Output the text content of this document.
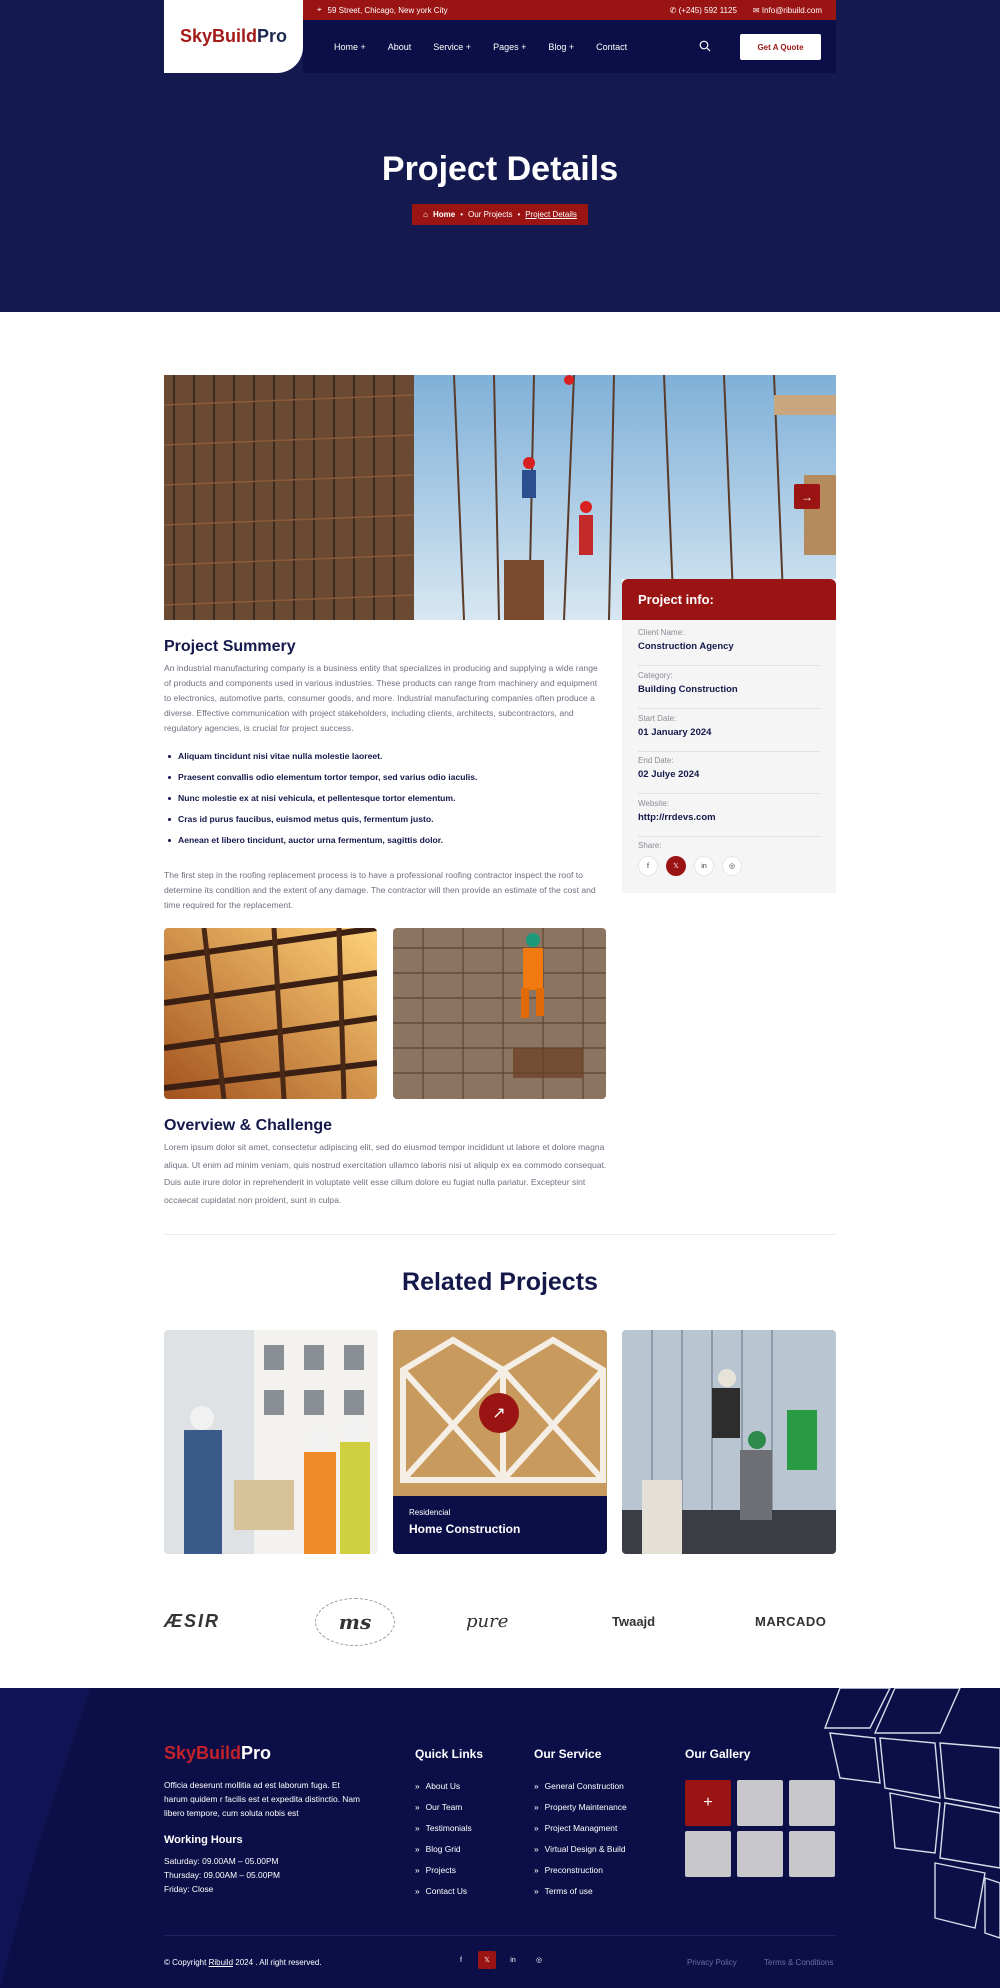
SkyBuildPro
⌖ 59 Street, Chicago, New york City	✆ (+245) 592 1125 ✉ Info@ribuild.com
Home + About Service + Pages + Blog + Contact	Get A Quote
Project Details
⌂ Home • Our Projects • Project Details
→
Project info:
Client Name:
Construction Agency
Category:
Building Construction
Start Date:
01 January 2024
End Date:
02 Julye 2024
Website:
http://rrdevs.com
Share:
f	𝕏	in	◎
Project Summery

An industrial manufacturing company is a business entity that specializes in producing and supplying a wide range of products and components used in various industries. These products can range from machinery and equipment to electronics, automotive parts, consumer goods, and more. Industrial manufacturing companies often produce a diverse. Effective communication with project stakeholders, including clients, architects, subcontractors, and regulatory agencies, is crucial for project success.

Aliquam tincidunt nisi vitae nulla molestie laoreet.
Praesent convallis odio elementum tortor tempor, sed varius odio iaculis.
Nunc molestie ex at nisi vehicula, et pellentesque tortor elementum.
Cras id purus faucibus, euismod metus quis, fermentum justo.
Aenean et libero tincidunt, auctor urna fermentum, sagittis dolor.

The first step in the roofing replacement process is to have a professional roofing contractor inspect the roof to determine its condition and the extent of any damage. The contractor will then provide an estimate of the cost and time required for the replacement.

Overview & Challenge

Lorem ipsum dolor sit amet, consectetur adipiscing elit, sed do eiusmod tempor incididunt ut labore et dolore magna aliqua. Ut enim ad minim veniam, quis nostrud exercitation ullamco laboris nisi ut aliquip ex ea commodo consequat. Duis aute irure dolor in reprehenderit in voluptate velit esse cillum dolore eu fugiat nulla pariatur. Excepteur sint occaecat cupidatat non proident, sunt in culpa.

Related Projects
↗
Residencial
Home Construction
ÆSIR	ms	pure	Twaajd	MARCADO
SkyBuildPro

Officia deserunt mollitia ad est laborum fuga. Et harum quidem r facilis est et expedita distinctio. Nam libero tempore, cum soluta nobis est

Working Hours
Saturday: 09.00AM – 05.00PM
Thursday: 09.00AM – 05.00PM
Friday: Close
Quick Links
» About Us
» Our Team
» Testimonials
» Blog Grid
» Projects
» Contact Us
Our Service
» General Construction
» Property Maintenance
» Project Managment
» Virtual Design & Build
» Preconstruction
» Terms of use
Our Gallery
+
© Copyright Ribuild 2024 . All right reserved.	f	𝕏	in	◎	Privacy Policy	Terms & Conditions
